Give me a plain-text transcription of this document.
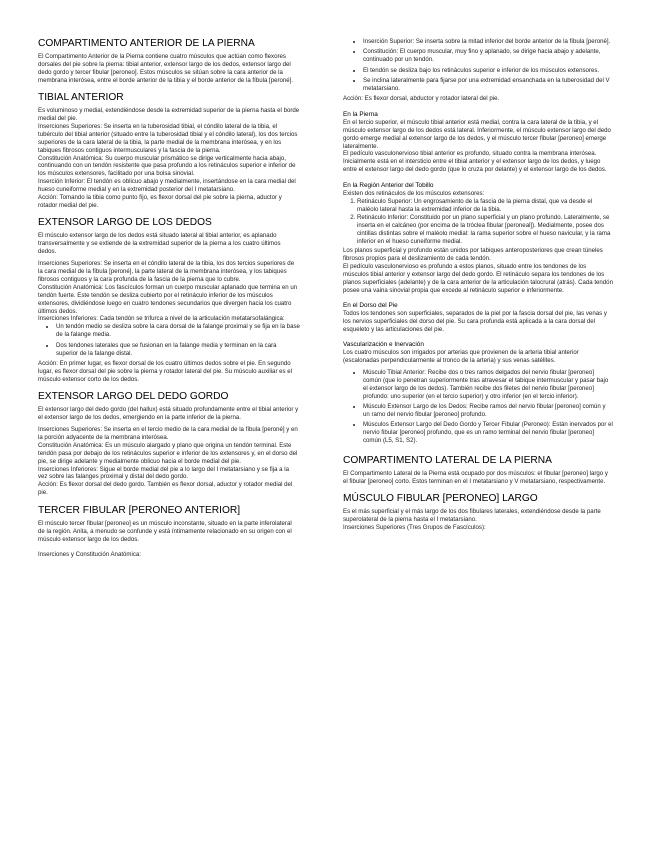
COMPARTIMENTO ANTERIOR DE LA PIERNA

El Compartimento Anterior de la Pierna contiene cuatro músculos que actúan como flexores dorsales del pie sobre la pierna: tibial anterior, extensor largo de los dedos, extensor largo del dedo gordo y tercer fibular [peroneo]. Estos músculos se sitúan sobre la cara anterior de la membrana interósea, entre el borde anterior de la tibia y el borde anterior de la fíbula [peroné].

TIBIAL ANTERIOR

Es voluminoso y medial, extendiéndose desde la extremidad superior de la pierna hasta el borde medial del pie.

Inserciones Superiores: Se inserta en la tuberosidad tibial, el cóndilo lateral de la tibia, el tubérculo del tibial anterior (situado entre la tuberosidad tibial y el cóndilo lateral), los dos tercios superiores de la cara lateral de la tibia, la parte medial de la membrana interósea, y en los tabiques fibrosos contiguos intermusculares y la fascia de la pierna.

Constitución Anatómica: Su cuerpo muscular prismático se dirige verticalmente hacia abajo, continuando con un tendón resistente que pasa profundo a los retináculos superior e inferior de los músculos extensores, facilitado por una bolsa sinovial.

Inserción Inferior: El tendón es oblicuo abajo y medialmente, insertándose en la cara medial del hueso cuneiforme medial y en la extremidad posterior del I metatarsiano.

Acción: Tomando la tibia como punto fijo, es flexor dorsal del pie sobre la pierna, aductor y rotador medial del pie.

EXTENSOR LARGO DE LOS DEDOS

El músculo extensor largo de los dedos está situado lateral al tibial anterior, es aplanado transversalmente y se extiende de la extremidad superior de la pierna a los cuatro últimos dedos.

Inserciones Superiores: Se inserta en el cóndilo lateral de la tibia, los dos tercios superiores de la cara medial de la fíbula [peroné], la parte lateral de la membrana interósea, y los tabiques fibrosos contiguos y la cara profunda de la fascia de la pierna que lo cubre.

Constitución Anatómica: Los fascículos forman un cuerpo muscular aplanado que termina en un tendón fuerte. Este tendón se desliza cubierto por el retináculo inferior de los músculos extensores, dividiéndose luego en cuatro tendones secundarios que divergen hacia los cuatro últimos dedos.

Inserciones Inferiores: Cada tendón se trifurca a nivel de la articulación metatarsofalángica:

• Un tendón medio se desliza sobre la cara dorsal de la falange proximal y se fija en la base de la falange media.
• Dos tendones laterales que se fusionan en la falange media y terminan en la cara superior de la falange distal.

Acción: En primer lugar, es flexor dorsal de los cuatro últimos dedos sobre el pie. En segundo lugar, es flexor dorsal del pie sobre la pierna y rotador lateral del pie. Su músculo auxiliar es el músculo extensor corto de los dedos.

EXTENSOR LARGO DEL DEDO GORDO

El extensor largo del dedo gordo (del hallux) está situado profundamente entre el tibial anterior y el extensor largo de los dedos, emergiendo en la parte inferior de la pierna.

Inserciones Superiores: Se inserta en el tercio medio de la cara medial de la fíbula [peroné] y en la porción adyacente de la membrana interósea.

Constitución Anatómica: Es un músculo alargado y plano que origina un tendón terminal. Este tendón pasa por debajo de los retináculos superior e inferior de los extensores y, en el dorso del pie, se dirige adelante y medialmente oblicuo hacia el borde medial del pie.

Inserciones Inferiores: Sigue el borde medial del pie a lo largo del I metatarsiano y se fija a la vez sobre las falanges proximal y distal del dedo gordo.

Acción: Es flexor dorsal del dedo gordo. También es flexor dorsal, aductor y rotador medial del pie.

TERCER FIBULAR [PERONEO ANTERIOR]

El músculo tercer fibular [peroneo] es un músculo inconstante, situado en la parte inferolateral de la región. Anita, a menudo se confunde y está íntimamente relacionado en su origen con el músculo extensor largo de los dedos.

Inserciones y Constitución Anatómica:

• Inserción Superior: Se inserta sobre la mitad inferior del borde anterior de la fíbula [peroné].
• Constitución: El cuerpo muscular, muy fino y aplanado, se dirige hacia abajo y adelante, continuado por un tendón.
• El tendón se desliza bajo los retináculos superior e inferior de los músculos extensores.
• Se inclina lateralmente para fijarse por una extremidad ensanchada en la tuberosidad del V metatarsiano.

Acción: Es flexor dorsal, abductor y rotador lateral del pie.

En la Pierna

En el tercio superior, el músculo tibial anterior está medial, contra la cara lateral de la tibia, y el músculo extensor largo de los dedos está lateral. Inferiormente, el músculo extensor largo del dedo gordo emerge medial al extensor largo de los dedos, y el músculo tercer fibular [peroneo] emerge lateralmente.

El pedículo vasculonervioso tibial anterior es profundo, situado contra la membrana interósea. Inicialmente está en el intersticio entre el tibial anterior y el extensor largo de los dedos, y luego entre el extensor largo del dedo gordo (que lo cruza por delante) y el extensor largo de los dedos.

En la Región Anterior del Tobillo

Existen dos retináculos de los músculos extensores:

1. Retináculo Superior: Un engrosamiento de la fascia de la pierna distal, que va desde el maléolo lateral hasta la extremidad inferior de la tibia.
2. Retináculo Inferior: Constituido por un plano superficial y un plano profundo. Lateralmente, se inserta en el calcáneo (por encima de la tróclea fibular [peroneal]). Medialmente, posee dos cintillas distintas sobre el maléolo medial: la rama superior sobre el hueso navicular, y la rama inferior en el hueso cuneiforme medial.

Los planos superficial y profundo están unidos por tabiques anteroposteriores que crean túneles fibrosos propios para el deslizamiento de cada tendón.

El pedículo vasculonervioso es profundo a estos planos, situado entre los tendones de los músculos tibial anterior y extensor largo del dedo gordo. El retináculo separa los tendones de los planos superficiales (adelante) y de la cara anterior de la articulación talocrural (atrás). Cada tendón posee una vaina sinovial propia que excede al retináculo superior e inferiormente.

En el Dorso del Pie

Todos los tendones son superficiales, separados de la piel por la fascia dorsal del pie, las venas y los nervios superficiales del dorso del pie. Su cara profunda está aplicada a la cara dorsal del esqueleto y las articulaciones del pie.

Vascularización e Inervación

Los cuatro músculos son irrigados por arterias que provienen de la arteria tibial anterior (escalonadas perpendicularmente al tronco de la arteria) y sus venas satélites.

• Músculo Tibial Anterior: Recibe dos o tres ramos delgados del nervio fibular [peroneo] común (que lo penetran superiormente tras atravesar el tabique intermuscular y pasar bajo el extensor largo de los dedos). También recibe dos filetes del nervio fibular [peroneo] profundo: uno superior (en el tercio superior) y otro inferior (en el tercio inferior).
• Músculo Extensor Largo de los Dedos: Recibe ramos del nervio fibular [peroneo] común y un ramo del nervio fibular [peroneo] profundo.
• Músculos Extensor Largo del Dedo Gordo y Tercer Fibular (Peroneo): Están inervados por el nervio fibular [peroneo] profundo, que es un ramo terminal del nervio fibular [peroneo] común (L5, S1, S2).
COMPARTIMENTO LATERAL DE LA PIERNA

El Compartimento Lateral de la Pierna está ocupado por dos músculos: el fibular [peroneo] largo y el fibular [peroneo] corto. Estos terminan en el I metatarsiano y V metatarsiano, respectivamente.

MÚSCULO FIBULAR [PERONEO] LARGO

Es el más superficial y el más largo de los dos fibulares laterales, extendiéndose desde la parte superolateral de la pierna hasta el I metatarsiano.

Inserciones Superiores (Tres Grupos de Fascículos):
